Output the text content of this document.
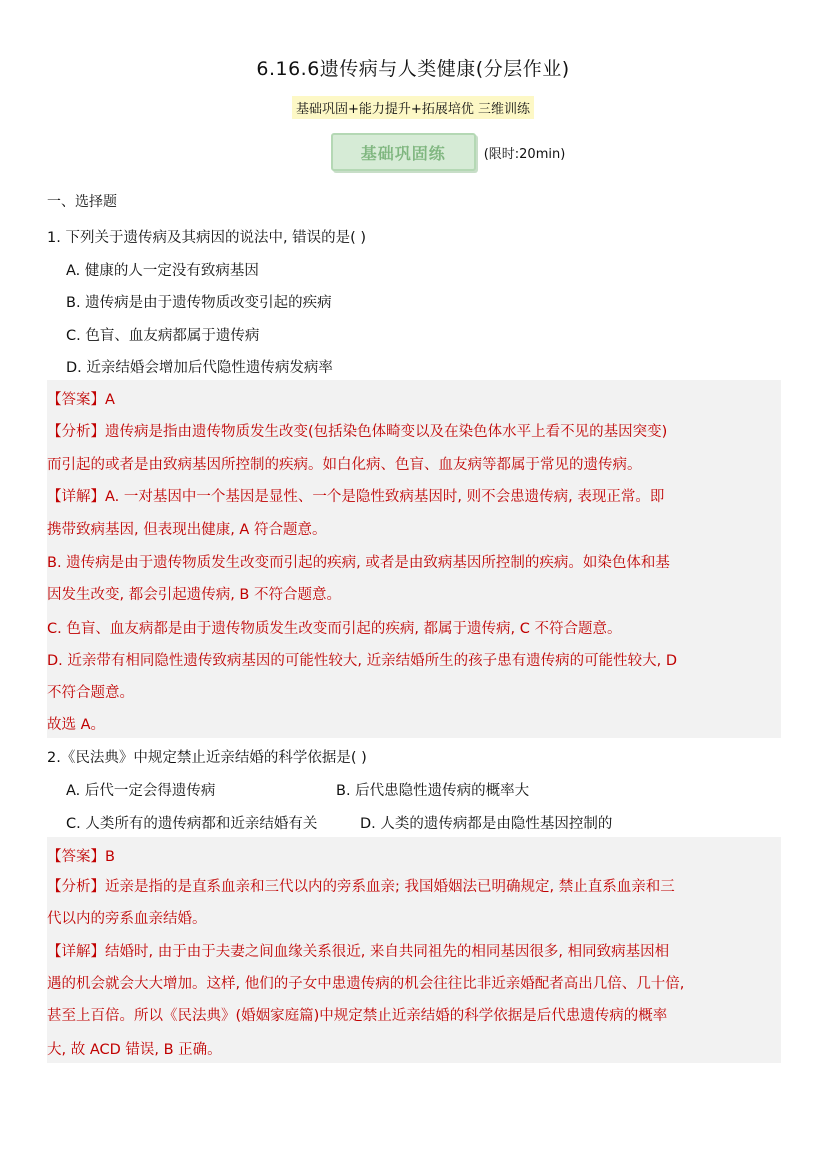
6.16.6遗传病与人类健康(分层作业)
基础巩固+能力提升+拓展培优 三维训练
基础巩固练	(限时:20min)
一、选择题
1. 下列关于遗传病及其病因的说法中, 错误的是( )
A. 健康的人一定没有致病基因
B. 遗传病是由于遗传物质改变引起的疾病
C. 色盲、血友病都属于遗传病
D. 近亲结婚会增加后代隐性遗传病发病率
【答案】A
【分析】遗传病是指由遗传物质发生改变(包括染色体畸变以及在染色体水平上看不见的基因突变)
而引起的或者是由致病基因所控制的疾病。如白化病、色盲、血友病等都属于常见的遗传病。
【详解】A. 一对基因中一个基因是显性、一个是隐性致病基因时, 则不会患遗传病, 表现正常。即
携带致病基因, 但表现出健康, A 符合题意。
B. 遗传病是由于遗传物质发生改变而引起的疾病, 或者是由致病基因所控制的疾病。如染色体和基
因发生改变, 都会引起遗传病, B 不符合题意。
C. 色盲、血友病都是由于遗传物质发生改变而引起的疾病, 都属于遗传病, C 不符合题意。
D. 近亲带有相同隐性遗传致病基因的可能性较大, 近亲结婚所生的孩子患有遗传病的可能性较大, D
不符合题意。
故选 A。
2.《民法典》中规定禁止近亲结婚的科学依据是( )
A. 后代一定会得遗传病	B. 后代患隐性遗传病的概率大
C. 人类所有的遗传病都和近亲结婚有关	D. 人类的遗传病都是由隐性基因控制的
【答案】B
【分析】近亲是指的是直系血亲和三代以内的旁系血亲; 我国婚姻法已明确规定, 禁止直系血亲和三
代以内的旁系血亲结婚。
【详解】结婚时, 由于由于夫妻之间血缘关系很近, 来自共同祖先的相同基因很多, 相同致病基因相
遇的机会就会大大增加。这样, 他们的子女中患遗传病的机会往往比非近亲婚配者高出几倍、几十倍,
甚至上百倍。所以《民法典》(婚姻家庭篇)中规定禁止近亲结婚的科学依据是后代患遗传病的概率
大, 故 ACD 错误, B 正确。
